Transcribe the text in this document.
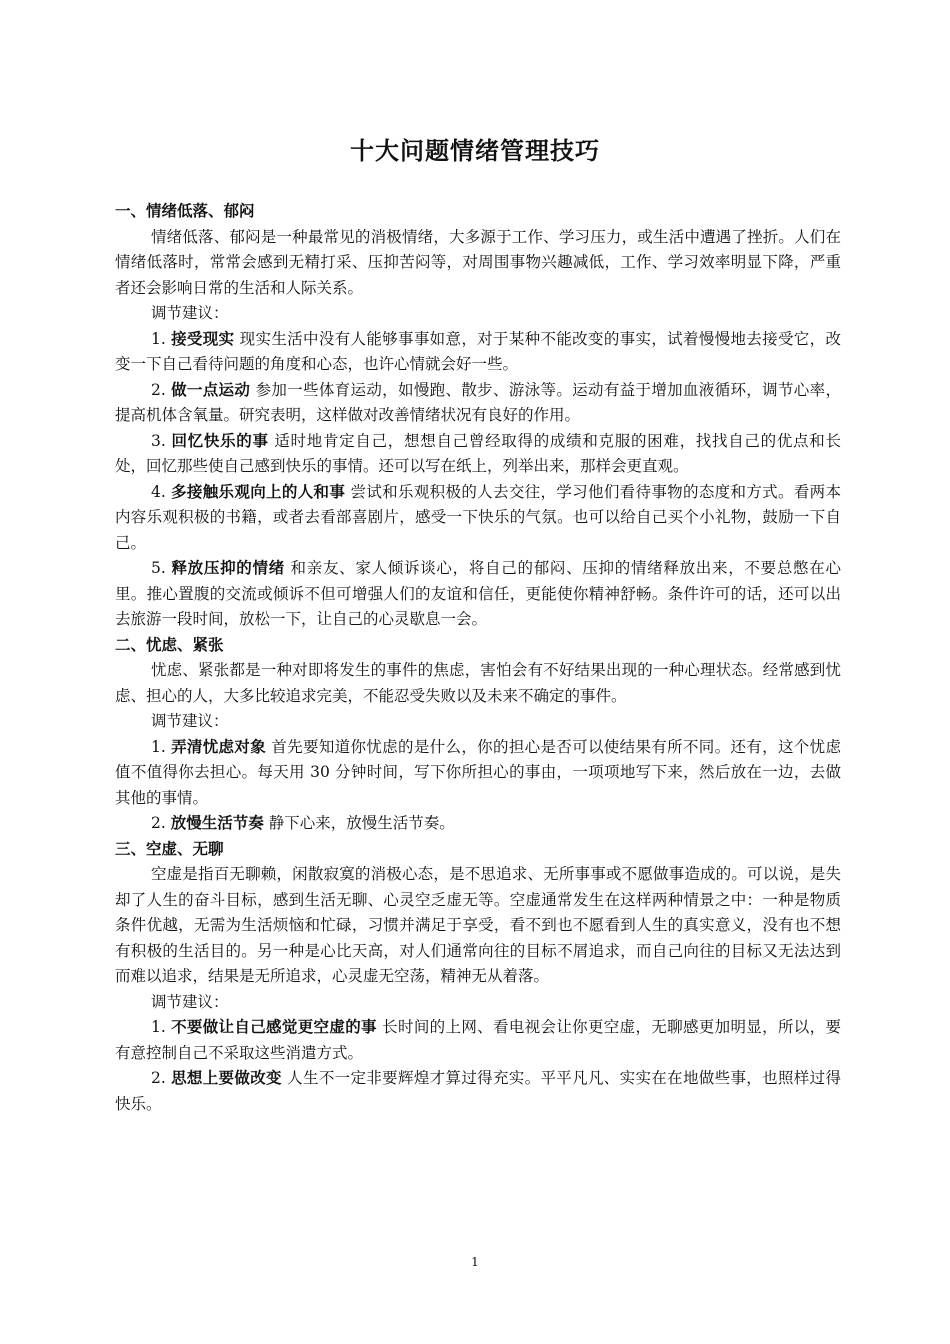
十大问题情绪管理技巧

一、情绪低落、郁闷

情绪低落、郁闷是一种最常见的消极情绪，大多源于工作、学习压力，或生活中遭遇了挫折。人们在情绪低落时，常常会感到无精打采、压抑苦闷等，对周围事物兴趣减低，工作、学习效率明显下降，严重者还会影响日常的生活和人际关系。

调节建议：

1. 接受现实 现实生活中没有人能够事事如意，对于某种不能改变的事实，试着慢慢地去接受它，改变一下自己看待问题的角度和心态，也许心情就会好一些。

2. 做一点运动 参加一些体育运动，如慢跑、散步、游泳等。运动有益于增加血液循环，调节心率，提高机体含氧量。研究表明，这样做对改善情绪状况有良好的作用。

3. 回忆快乐的事 适时地肯定自己，想想自己曾经取得的成绩和克服的困难，找找自己的优点和长处，回忆那些使自己感到快乐的事情。还可以写在纸上，列举出来，那样会更直观。

4. 多接触乐观向上的人和事 尝试和乐观积极的人去交往，学习他们看待事物的态度和方式。看两本内容乐观积极的书籍，或者去看部喜剧片，感受一下快乐的气氛。也可以给自己买个小礼物，鼓励一下自己。

5. 释放压抑的情绪 和亲友、家人倾诉谈心，将自己的郁闷、压抑的情绪释放出来，不要总憋在心里。推心置腹的交流或倾诉不但可增强人们的友谊和信任，更能使你精神舒畅。条件许可的话，还可以出去旅游一段时间，放松一下，让自己的心灵歇息一会。

二、忧虑、紧张

忧虑、紧张都是一种对即将发生的事件的焦虑，害怕会有不好结果出现的一种心理状态。经常感到忧虑、担心的人，大多比较追求完美，不能忍受失败以及未来不确定的事件。

调节建议：

1. 弄清忧虑对象 首先要知道你忧虑的是什么，你的担心是否可以使结果有所不同。还有，这个忧虑值不值得你去担心。每天用 30 分钟时间，写下你所担心的事由，一项项地写下来，然后放在一边，去做其他的事情。

2. 放慢生活节奏 静下心来，放慢生活节奏。

三、空虚、无聊

空虚是指百无聊赖，闲散寂寞的消极心态，是不思追求、无所事事或不愿做事造成的。可以说，是失却了人生的奋斗目标，感到生活无聊、心灵空乏虚无等。空虚通常发生在这样两种情景之中：一种是物质条件优越，无需为生活烦恼和忙碌，习惯并满足于享受，看不到也不愿看到人生的真实意义，没有也不想有积极的生活目的。另一种是心比天高，对人们通常向往的目标不屑追求，而自己向往的目标又无法达到而难以追求，结果是无所追求，心灵虚无空荡，精神无从着落。

调节建议：

1. 不要做让自己感觉更空虚的事 长时间的上网、看电视会让你更空虚，无聊感更加明显，所以，要有意控制自己不采取这些消遣方式。

2. 思想上要做改变 人生不一定非要辉煌才算过得充实。平平凡凡、实实在在地做些事，也照样过得快乐。

1
